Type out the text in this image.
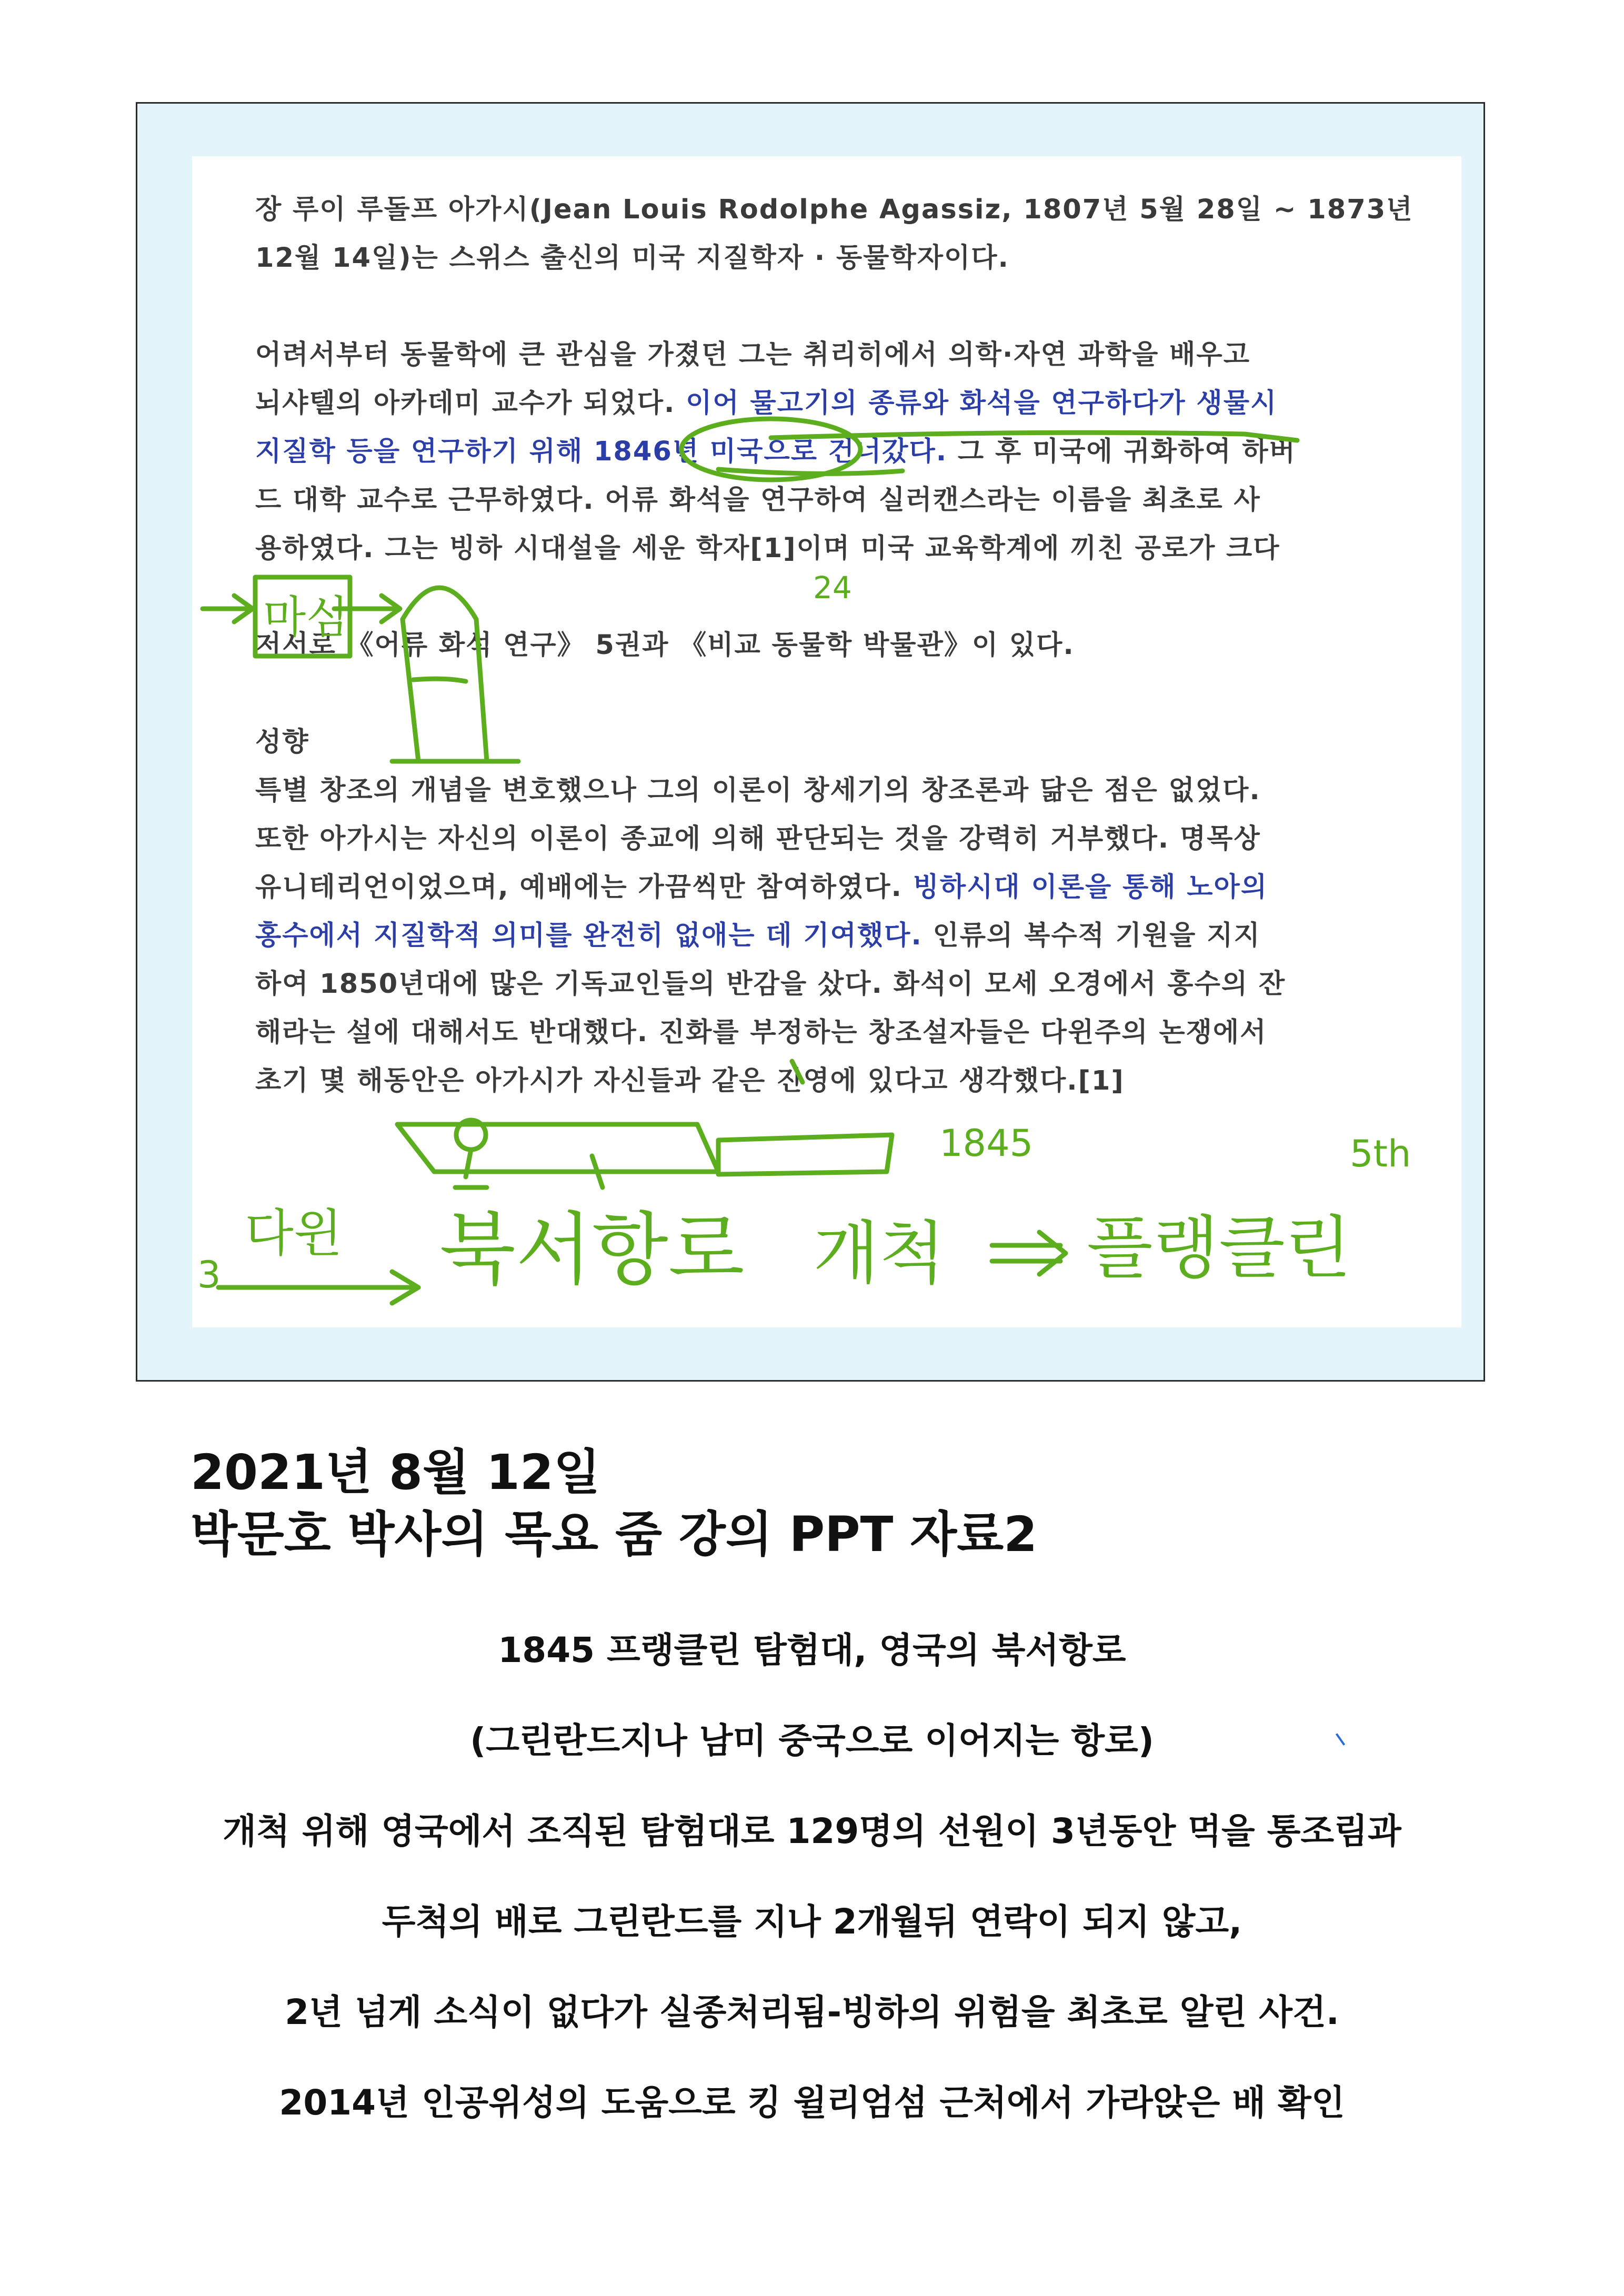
장 루이 루돌프 아가시(Jean Louis Rodolphe Agassiz, 1807년 5월 28일 ~ 1873년

12월 14일)는 스위스 출신의 미국 지질학자 · 동물학자이다.

어려서부터 동물학에 큰 관심을 가졌던 그는 취리히에서 의학·자연 과학을 배우고

뇌샤텔의 아카데미 교수가 되었다. 이어 물고기의 종류와 화석을 연구하다가 생물시

지질학 등을 연구하기 위해 1846년 미국으로 건너갔다. 그 후 미국에 귀화하여 하버

드 대학 교수로 근무하였다. 어류 화석을 연구하여 실러캔스라는 이름을 최초로 사

용하였다. 그는 빙하 시대설을 세운 학자[1]이며 미국 교육학계에 끼친 공로가 크다

저서로 《어류 화석 연구》 5권과 《비교 동물학 박물관》이 있다.

성향

특별 창조의 개념을 변호했으나 그의 이론이 창세기의 창조론과 닮은 점은 없었다.

또한 아가시는 자신의 이론이 종교에 의해 판단되는 것을 강력히 거부했다. 명목상

유니테리언이었으며, 예배에는 가끔씩만 참여하였다. 빙하시대 이론을 통해 노아의

홍수에서 지질학적 의미를 완전히 없애는 데 기여했다. 인류의 복수적 기원을 지지

하여 1850년대에 많은 기독교인들의 반감을 샀다. 화석이 모세 오경에서 홍수의 잔

해라는 설에 대해서도 반대했다. 진화를 부정하는 창조설자들은 다윈주의 논쟁에서

초기 몇 해동안은 아가시가 자신들과 같은 진영에 있다고 생각했다.[1]

24
마심
1845	5th
3
다윈 북서항로 개척 플랭클린
2021년 8월 12일
박문호 박사의 목요 줌 강의 PPT 자료2
1845 프랭클린 탐험대, 영국의 북서항로
(그린란드지나 남미 중국으로 이어지는 항로)
개척 위해 영국에서 조직된 탐험대로 129명의 선원이 3년동안 먹을 통조림과
두척의 배로 그린란드를 지나 2개월뒤 연락이 되지 않고,
2년 넘게 소식이 없다가 실종처리됨-빙하의 위험을 최초로 알린 사건.
2014년 인공위성의 도움으로 킹 윌리엄섬 근처에서 가라앉은 배 확인
